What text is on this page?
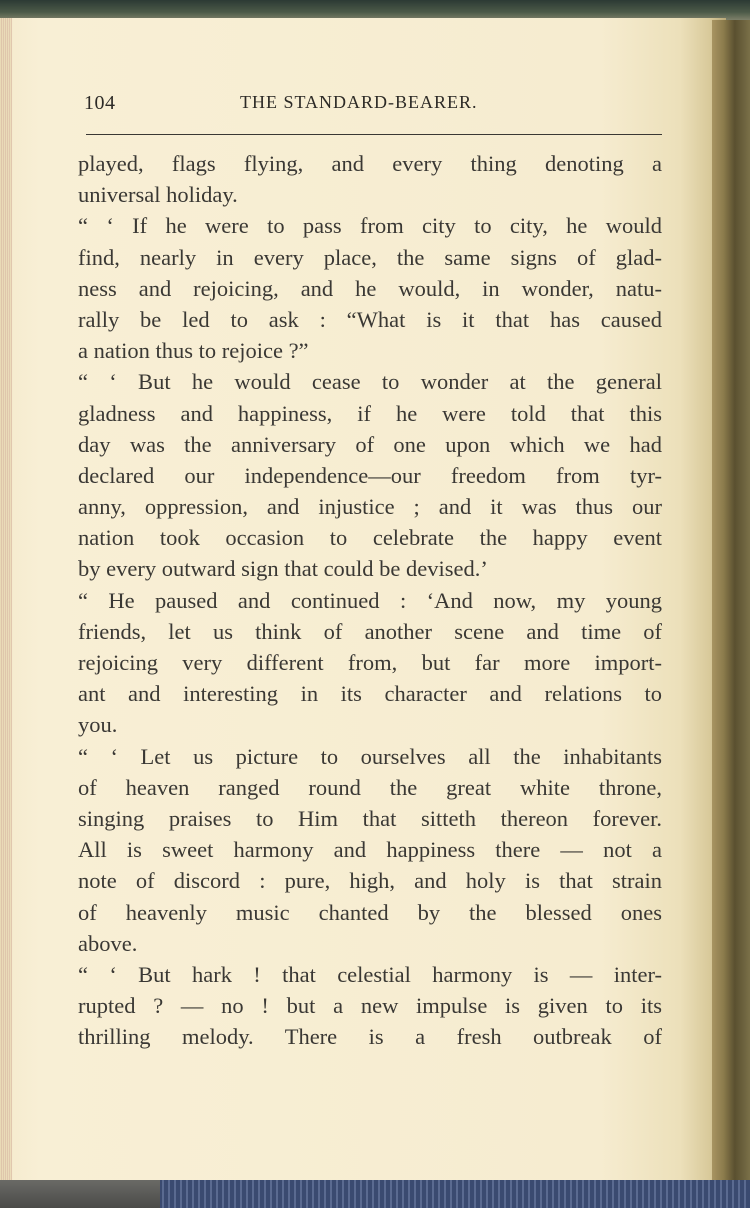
104	THE STANDARD-BEARER.
played, flags flying, and every thing denoting a
universal holiday.
“ ‘ If he were to pass from city to city, he would
find, nearly in every place, the same signs of glad-
ness and rejoicing, and he would, in wonder, natu-
rally be led to ask : “What is it that has caused
a nation thus to rejoice ?”
“ ‘ But he would cease to wonder at the general
gladness and happiness, if he were told that this
day was the anniversary of one upon which we had
declared our independence—our freedom from tyr-
anny, oppression, and injustice ; and it was thus our
nation took occasion to celebrate the happy event
by every outward sign that could be devised.’
“ He paused and continued : ‘And now, my young
friends, let us think of another scene and time of
rejoicing very different from, but far more import-
ant and interesting in its character and relations to
you.
“ ‘ Let us picture to ourselves all the inhabitants
of heaven ranged round the great white throne,
singing praises to Him that sitteth thereon forever.
All is sweet harmony and happiness there — not a
note of discord : pure, high, and holy is that strain
of heavenly music chanted by the blessed ones
above.
“ ‘ But hark ! that celestial harmony is — inter-
rupted ? — no ! but a new impulse is given to its
thrilling melody. There is a fresh outbreak of
